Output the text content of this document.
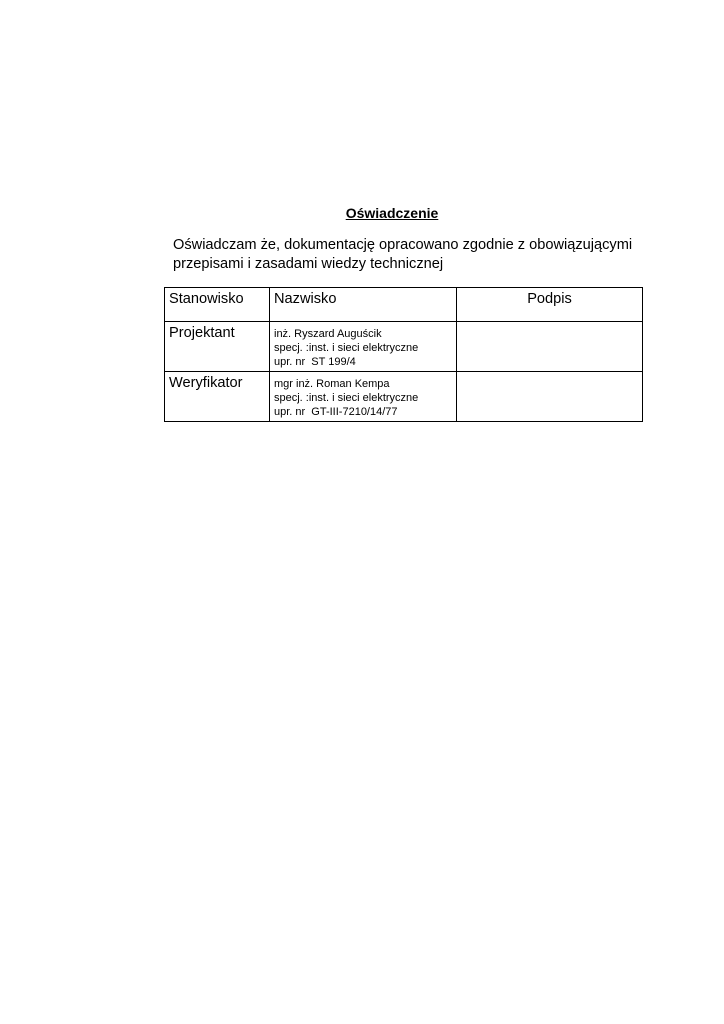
Oświadczenie
Oświadczam że, dokumentację opracowano zgodnie z obowiązującymi
przepisami i zasadami wiedzy technicznej
Stanowisko	Nazwisko	Podpis

Projektant	inż. Ryszard Auguścik
specj. :inst. i sieci elektryczne
upr. nr  ST 199/4	

Weryfikator	mgr inż. Roman Kempa
specj. :inst. i sieci elektryczne
upr. nr  GT-III-7210/14/77	
